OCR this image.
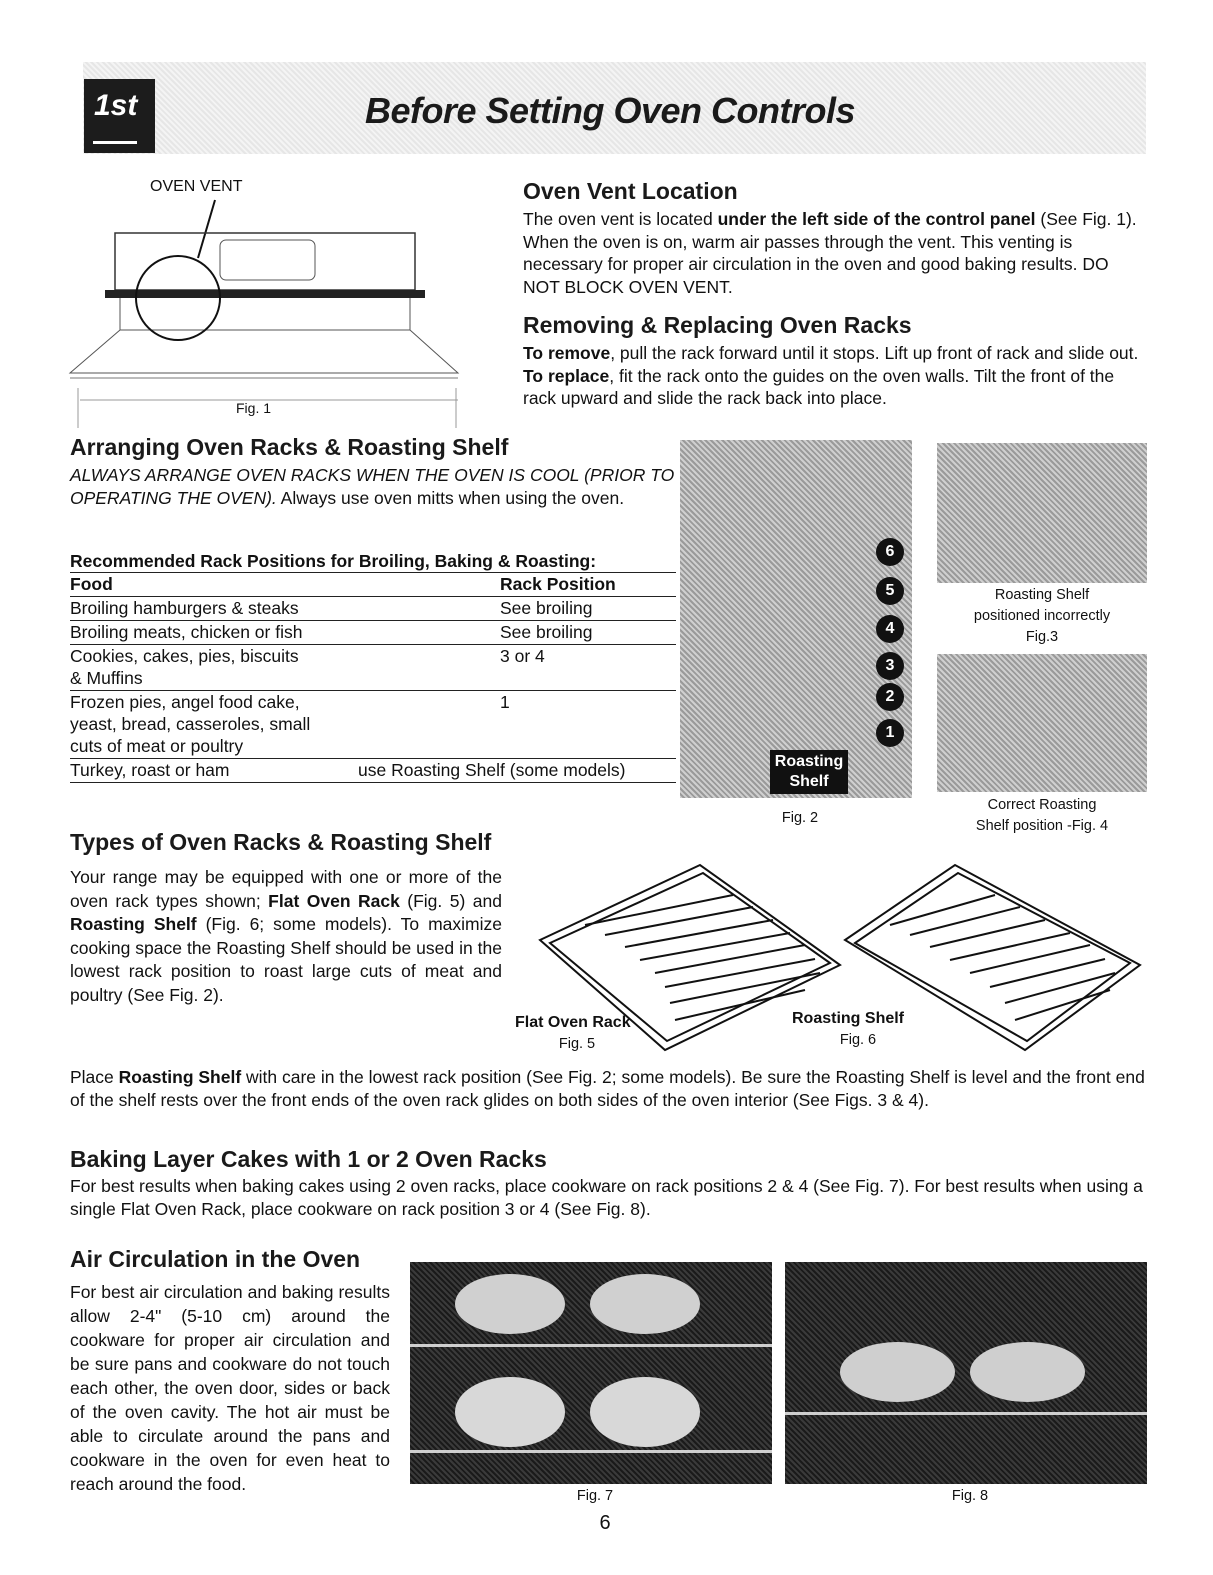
1st	Before Setting Oven Controls
OVEN VENT
Fig. 1
Oven Vent Location

The oven vent is located under the left side of the control panel (See Fig. 1). When the oven is on, warm air passes through the vent. This venting is necessary for proper air circulation in the oven and good baking results. DO NOT BLOCK OVEN VENT.

Removing & Replacing Oven Racks

To remove, pull the rack forward until it stops. Lift up front of rack and slide out. To replace, fit the rack onto the guides on the oven walls. Tilt the front of the rack upward and slide the rack back into place.

Arranging Oven Racks & Roasting Shelf

ALWAYS ARRANGE OVEN RACKS WHEN THE OVEN IS COOL (PRIOR TO OPERATING THE OVEN). Always use oven mitts when using the oven.

Recommended Rack Positions for Broiling, Baking & Roasting:
Food	Rack Position
Broiling hamburgers & steaks	See broiling
Broiling meats, chicken or fish	See broiling

Cookies, cakes, pies, biscuits
& Muffins	3 or 4

Frozen pies, angel food cake,
yeast, bread, casseroles, small
cuts of meat or poultry	1
Turkey, roast or ham	use Roasting Shelf (some models)
6
5
4
3
2
1
Roasting
Shelf
Fig. 2
Roasting Shelf
positioned incorrectly
Fig.3
Correct Roasting
Shelf position -Fig. 4
Types of Oven Racks & Roasting Shelf

Your range may be equipped with one or more of the oven rack types shown; Flat Oven Rack (Fig. 5) and Roasting Shelf (Fig. 6; some models). To maximize cooking space the Roasting Shelf should be used in the lowest rack position to roast large cuts of meat and poultry (See Fig. 2).

Flat Oven Rack
Fig. 5
Roasting Shelf
Fig. 6

Place Roasting Shelf with care in the lowest rack position (See Fig. 2; some models). Be sure the Roasting Shelf is level and the front end of the shelf rests over the front ends of the oven rack glides on both sides of the oven interior (See Figs. 3 & 4).

Baking Layer Cakes with 1 or 2 Oven Racks

For best results when baking cakes using 2 oven racks, place cookware on rack positions 2 & 4 (See Fig. 7). For best results when using a single Flat Oven Rack, place cookware on rack position 3 or 4 (See Fig. 8).

Air Circulation in the Oven

For best air circulation and baking results allow 2-4" (5-10 cm) around the cookware for proper air circulation and be sure pans and cookware do not touch each other, the oven door, sides or back of the oven cavity. The hot air must be able to circulate around the pans and cookware in the oven for even heat to reach around the food.

Fig. 7	Fig. 8
6
